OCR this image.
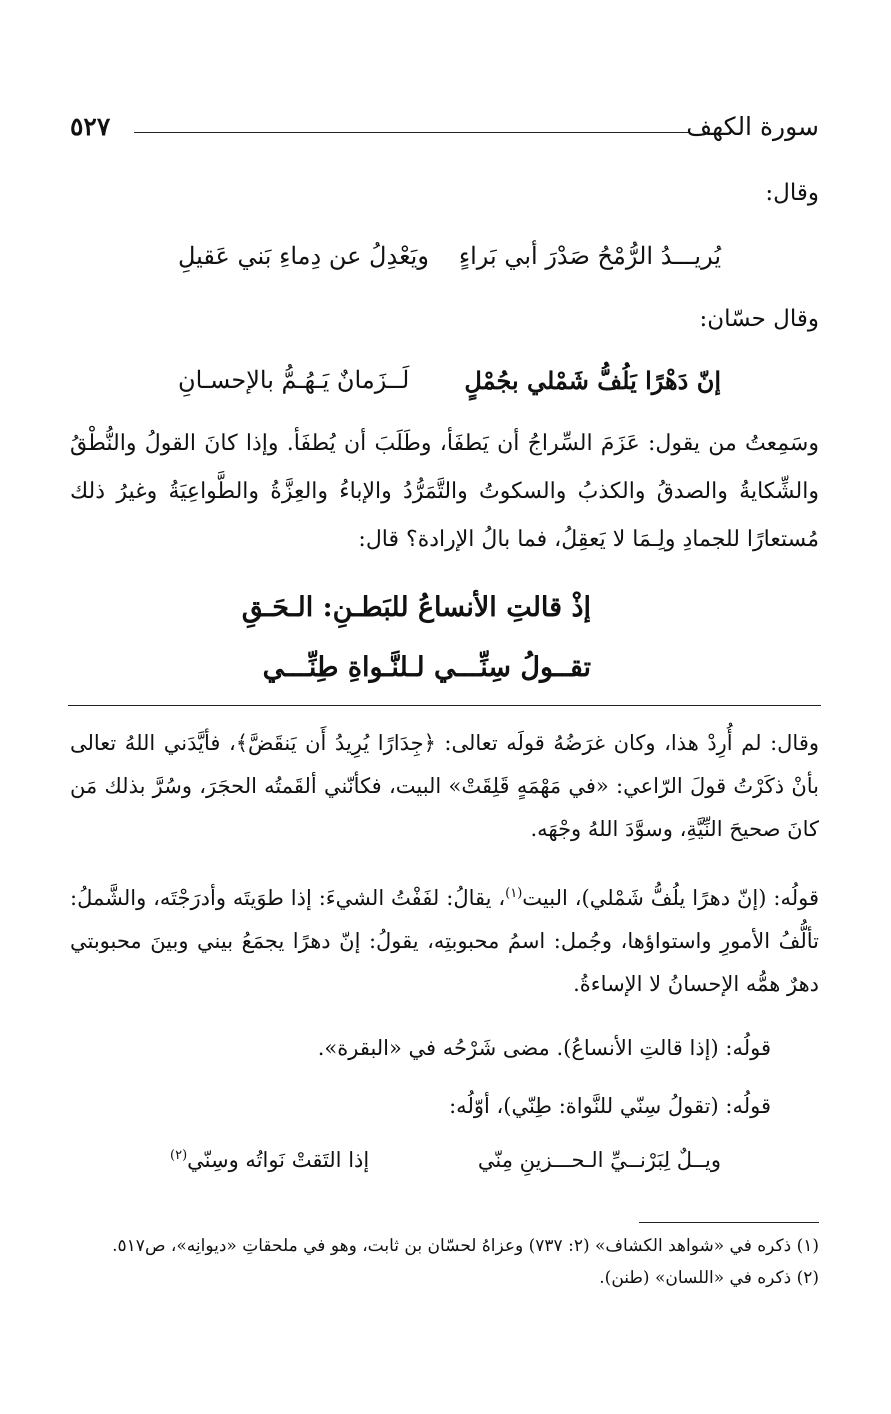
سورة الكهف
٥٢٧
وقال:
يُريـــدُ الرُّمْحُ صَدْرَ أبي بَراءٍ
ويَعْدِلُ عن دِماءِ بَني عَقيلِ
وقال حسّان:
إنّ دَهْرًا يَلُفُّ شَمْلي بجُمْلٍ
لَــزَمانٌ يَـهُـمُّ بالإحسـانِ
وسَمِعتُ من يقول: عَزَمَ السِّراجُ أن يَطفَأ، وطَلَبَ أن يُطفَأ. وإذا كانَ القولُ والنُّطْقُ والشِّكايةُ والصدقُ والكذبُ والسكوتُ والتَّمَرُّدُ والإباءُ والعِزَّةُ والطَّواعِيَةُ وغيرُ ذلك مُستعارًا للجمادِ ولِـمَا لا يَعقِلُ، فما بالُ الإرادة؟ قال:
إذْ قالتِ الأنساعُ للبَطـنِ: الـحَـقِ
تقــولُ سِنِّـــي لـلنَّـواةِ طِنِّـــي
وقال: لم أُرِدْ هذا، وكان غرَضُهُ قولَه تعالى: ﴿جِدَارًا يُرِيدُ أَن يَنقَضَّ﴾، فأيَّدَني اللهُ تعالى بأنْ ذكَرْتُ قولَ الرّاعي: «في مَهْمَهٍ قَلِقَتْ» البيت، فكأنّني ألقَمتُه الحجَرَ، وسُرَّ بذلك مَن كانَ صحيحَ النِّيَّةِ، وسوَّدَ اللهُ وجْهَه.
قولُه: (إنّ دهرًا يلُفُّ شَمْلي)، البيت$^{(١)}$، يقالُ: لفَفْتُ الشيءَ: إذا طوَيتَه وأدرَجْتَه، والشَّملُ: تألُّفُ الأمورِ واستواؤها، وجُمل: اسمُ محبوبتِه، يقولُ: إنّ دهرًا يجمَعُ بيني وبينَ محبوبتي دهرٌ همُّه الإحسانُ لا الإساءةُ.
قولُه: (إذا قالتِ الأنساعُ). مضى شَرْحُه في «البقرة».
قولُه: (تقولُ سِنّي للنَّواة: طِنّي)، أوّلُه:
ويــلٌ لِبَرْنــيِّ الـحـــزينِ مِنّي
إذا التَقتْ نَواتُه وسِنّي$^{(٢)}$
(١) ذكره في «شواهد الكشاف» (٢: ٧٣٧) وعزاهُ لحسّان بن ثابت، وهو في ملحقاتِ «ديوانِه»، ص٥١٧.
(٢) ذكره في «اللسان» (طنن).
